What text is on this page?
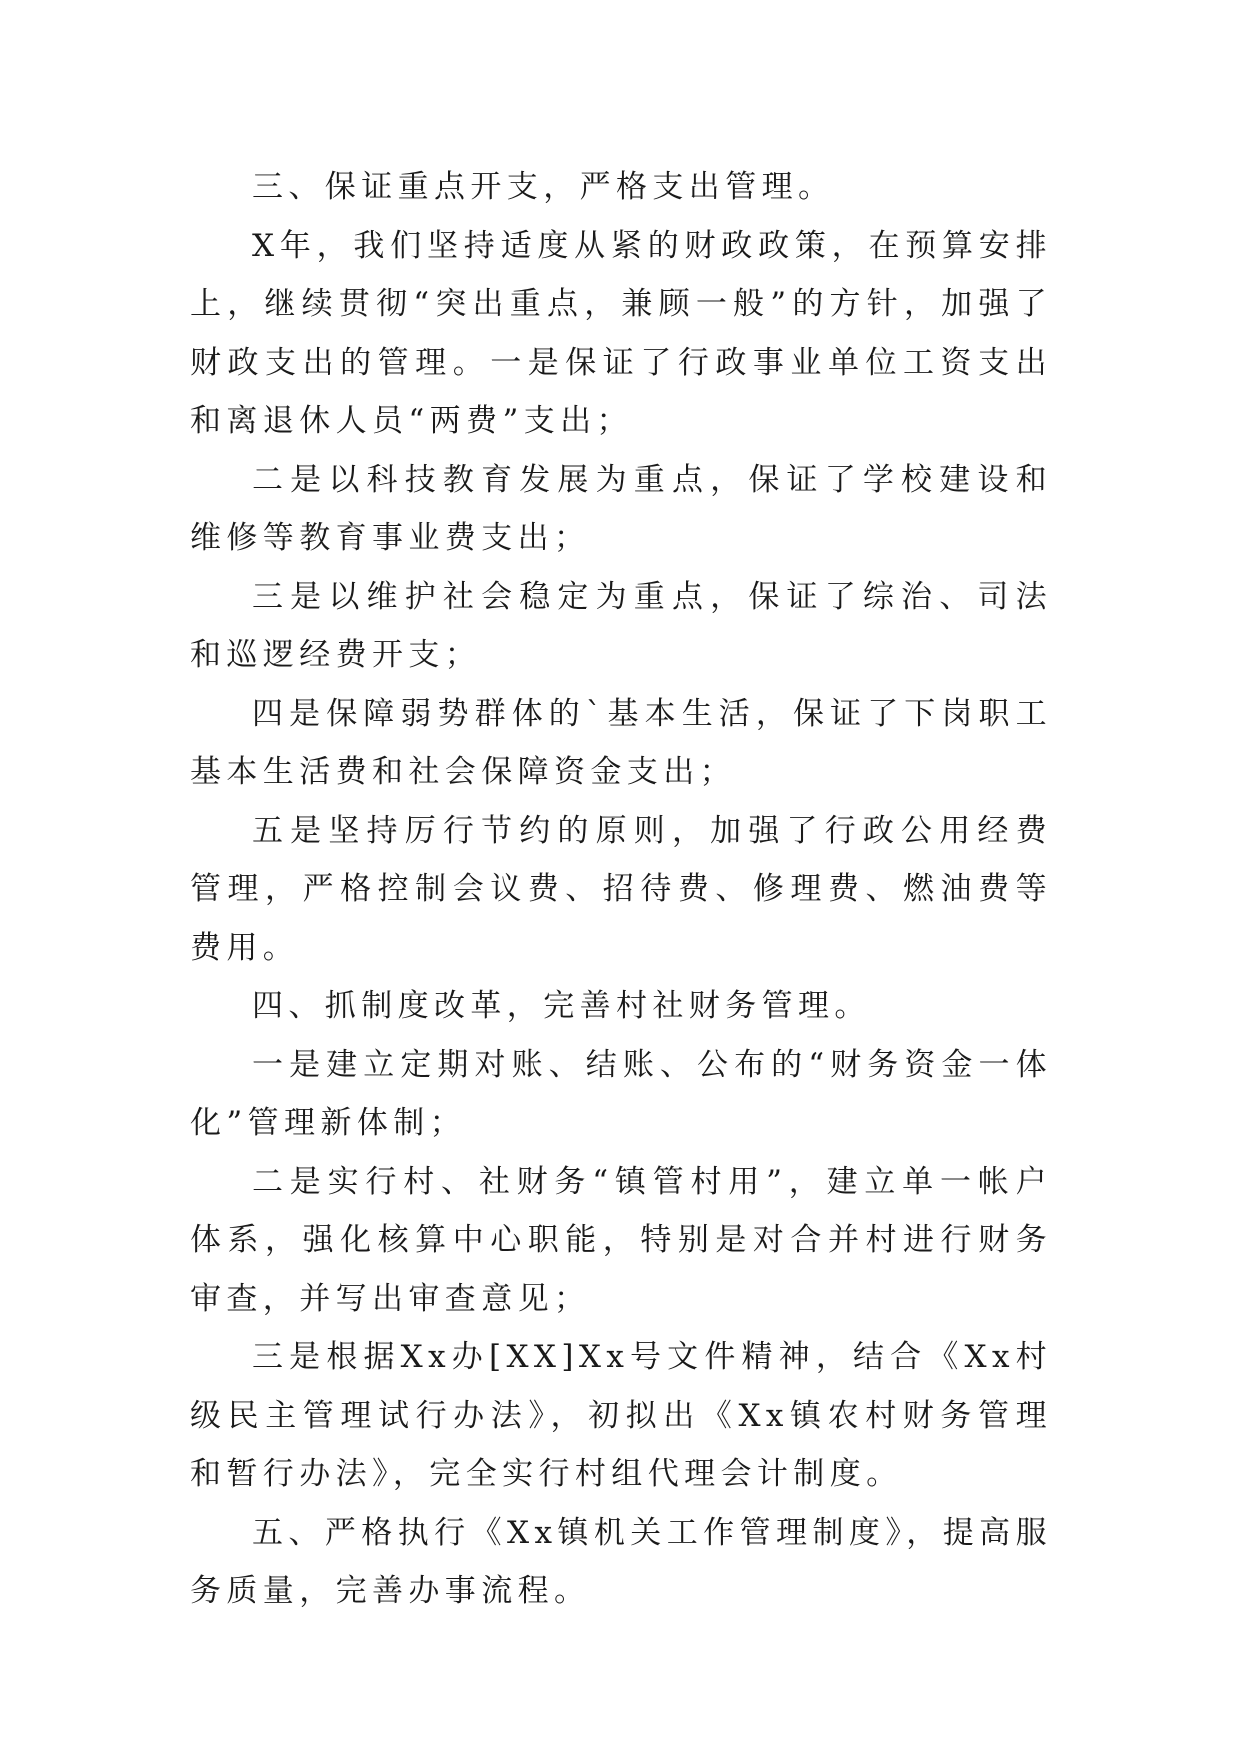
三、保证重点开支，严格支出管理。

X年，我们坚持适度从紧的财政政策，在预算安排上，继续贯彻“突出重点，兼顾一般”的方针，加强了财政支出的管理。一是保证了行政事业单位工资支出和离退休人员“两费”支出；

二是以科技教育发展为重点，保证了学校建设和维修等教育事业费支出；

三是以维护社会稳定为重点，保证了综治、司法和巡逻经费开支；

四是保障弱势群体的`基本生活，保证了下岗职工基本生活费和社会保障资金支出；

五是坚持厉行节约的原则，加强了行政公用经费管理，严格控制会议费、招待费、修理费、燃油费等费用。

四、抓制度改革，完善村社财务管理。

一是建立定期对账、结账、公布的“财务资金一体化”管理新体制；

二是实行村、社财务“镇管村用”，建立单一帐户体系，强化核算中心职能，特别是对合并村进行财务审查，并写出审查意见；

三是根据Xx办[XX]Xx号文件精神，结合《Xx村级民主管理试行办法》，初拟出《Xx镇农村财务管理和暂行办法》，完全实行村组代理会计制度。

五、严格执行《Xx镇机关工作管理制度》，提高服务质量，完善办事流程。
